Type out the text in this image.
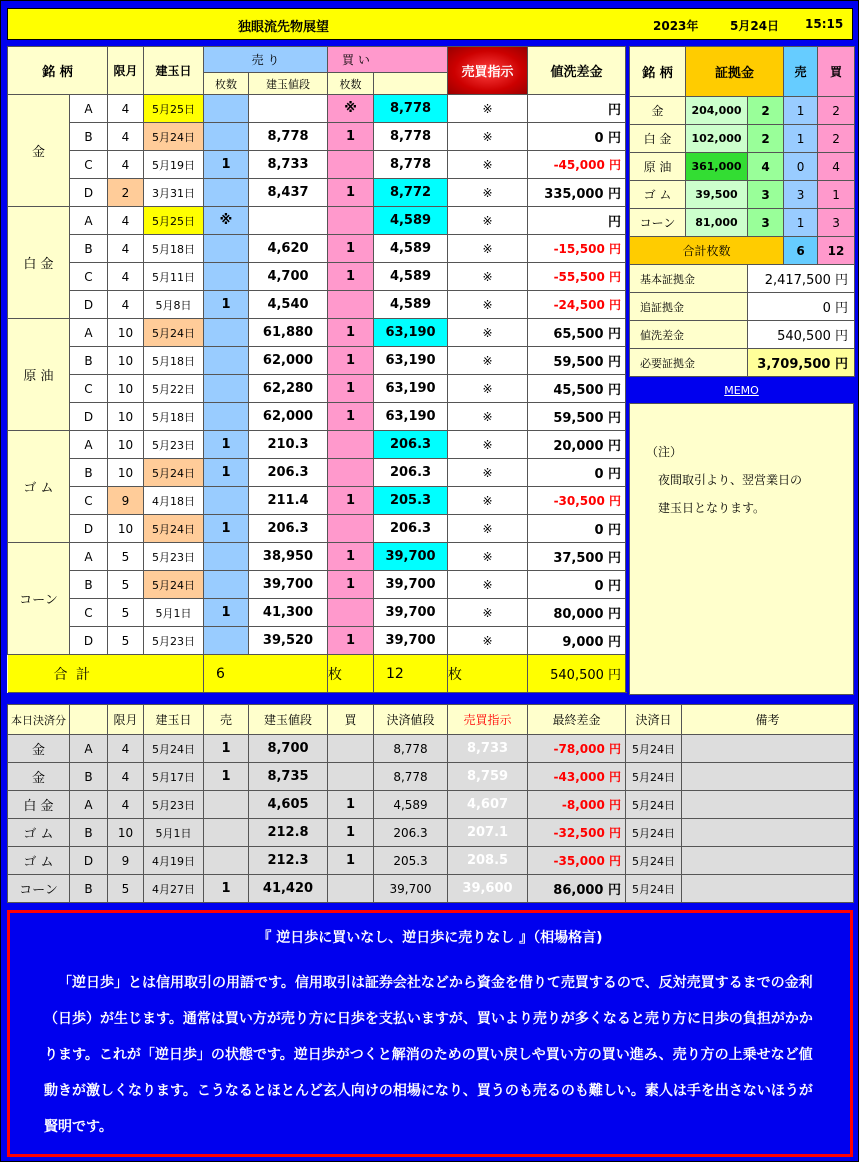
独眼流先物展望	2023年	5月24日 15:15
銘 柄		限月	建玉日	売 り		買 い		売買指示	値洗差金
				枚数	建玉値段	枚数			
金	A	4	5月25日			※	8,778	※	円
	B	4	5月24日		8,778	1	8,778	※	0 円
	C	4	5月19日	1	8,733		8,778	※	-45,000 円
	D	2	3月31日		8,437	1	8,772	※	335,000 円
白 金	A	4	5月25日	※			4,589	※	円
	B	4	5月18日		4,620	1	4,589	※	-15,500 円
	C	4	5月11日		4,700	1	4,589	※	-55,500 円
	D	4	5月8日	1	4,540		4,589	※	-24,500 円
原 油	A	10	5月24日		61,880	1	63,190	※	65,500 円
	B	10	5月18日		62,000	1	63,190	※	59,500 円
	C	10	5月22日		62,280	1	63,190	※	45,500 円
	D	10	5月18日		62,000	1	63,190	※	59,500 円
ゴ ム	A	10	5月23日	1	210.3		206.3	※	20,000 円
	B	10	5月24日	1	206.3		206.3	※	0 円
	C	9	4月18日		211.4	1	205.3	※	-30,500 円
	D	10	5月24日	1	206.3		206.3	※	0 円
コーン	A	5	5月23日		38,950	1	39,700	※	37,500 円
	B	5	5月24日		39,700	1	39,700	※	0 円
	C	5	5月1日	1	41,300		39,700	※	80,000 円
	D	5	5月23日		39,520	1	39,700	※	9,000 円
合 計				6		枚	12	枚	540,500 円
銘 柄	証拠金		売	買
金	204,000	2	1	2
白 金	102,000	2	1	2
原 油	361,000	4	0	4
ゴ ム	39,500	3	3	1
コーン	81,000	3	1	3
合計枚数			6	12
基本証拠金		2,417,500 円		
追証拠金		0 円		
値洗差金		540,500 円		
必要証拠金		3,709,500 円		
MEMO
（注）
夜間取引より、翌営業日の
建玉日となります。
本日決済分		限月	建玉日	売	建玉値段	買	決済値段	売買指示	最終差金	決済日	備考
金	A	4	5月24日	1	8,700		8,778	8,733	-78,000 円	5月24日	
金	B	4	5月17日	1	8,735		8,778	8,759	-43,000 円	5月24日	
白 金	A	4	5月23日		4,605	1	4,589	4,607	-8,000 円	5月24日	
ゴ ム	B	10	5月1日		212.8	1	206.3	207.1	-32,500 円	5月24日	
ゴ ム	D	9	4月19日		212.3	1	205.3	208.5	-35,000 円	5月24日	
コーン	B	5	4月27日	1	41,420		39,700	39,600	86,000 円	5月24日	
『 逆日歩に買いなし、逆日歩に売りなし 』（相場格言)
「逆日歩」とは信用取引の用語です。信用取引は証券会社などから資金を借りて売買するので、反対売買するまでの金利（日歩）が生じます。通常は買い方が売り方に日歩を支払いますが、買いより売りが多くなると売り方に日歩の負担がかかります。これが「逆日歩」の状態です。逆日歩がつくと解消のための買い戻しや買い方の買い進み、売り方の上乗せなど値動きが激しくなります。こうなるとほとんど玄人向けの相場になり、買うのも売るのも難しい。素人は手を出さないほうが賢明です。
